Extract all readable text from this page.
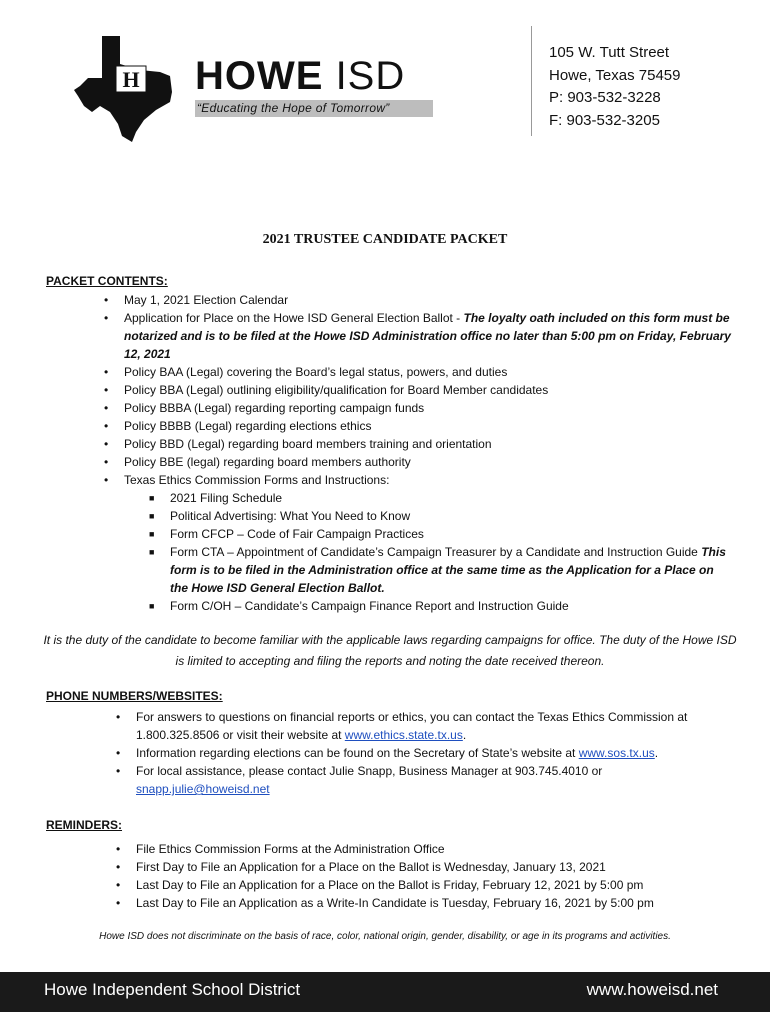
H HOWE ISD
“Educating the Hope of Tomorrow”
105 W. Tutt Street
Howe, Texas 75459
P: 903-532-3228
F: 903-532-3205
2021 TRUSTEE CANDIDATE PACKET
PACKET CONTENTS:
• May 1, 2021 Election Calendar
• Application for Place on the Howe ISD General Election Ballot - The loyalty oath included on this form must be notarized and is to be filed at the Howe ISD Administration office no later than 5:00 pm on Friday, February 12, 2021
• Policy BAA (Legal) covering the Board’s legal status, powers, and duties
• Policy BBA (Legal) outlining eligibility/qualification for Board Member candidates
• Policy BBBA (Legal) regarding reporting campaign funds
• Policy BBBB (Legal) regarding elections ethics
• Policy BBD (Legal) regarding board members training and orientation
• Policy BBE (legal) regarding board members authority
• Texas Ethics Commission Forms and Instructions:
■ 2021 Filing Schedule
■ Political Advertising: What You Need to Know
■ Form CFCP – Code of Fair Campaign Practices
■ Form CTA – Appointment of Candidate’s Campaign Treasurer by a Candidate and Instruction Guide This form is to be filed in the Administration office at the same time as the Application for a Place on the Howe ISD General Election Ballot.
■ Form C/OH – Candidate’s Campaign Finance Report and Instruction Guide
It is the duty of the candidate to become familiar with the applicable laws regarding campaigns for office. The duty of the Howe ISD is limited to accepting and filing the reports and noting the date received thereon.
PHONE NUMBERS/WEBSITES:
• For answers to questions on financial reports or ethics, you can contact the Texas Ethics Commission at 1.800.325.8506 or visit their website at www.ethics.state.tx.us.
• Information regarding elections can be found on the Secretary of State’s website at www.sos.tx.us.
• For local assistance, please contact Julie Snapp, Business Manager at 903.745.4010 or snapp.julie@howeisd.net
REMINDERS:
• File Ethics Commission Forms at the Administration Office
• First Day to File an Application for a Place on the Ballot is Wednesday, January 13, 2021
• Last Day to File an Application for a Place on the Ballot is Friday, February 12, 2021 by 5:00 pm
• Last Day to File an Application as a Write-In Candidate is Tuesday, February 16, 2021 by 5:00 pm
Howe ISD does not discriminate on the basis of race, color, national origin, gender, disability, or age in its programs and activities.
Howe Independent School District	www.howeisd.net
